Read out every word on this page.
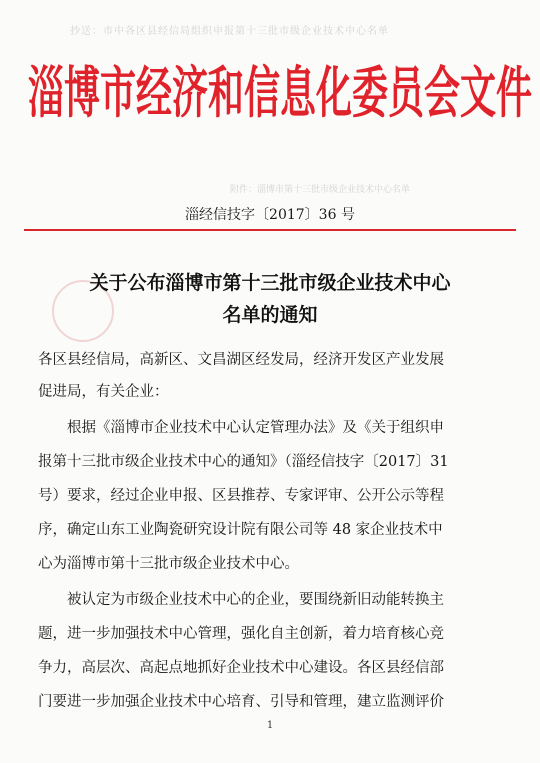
抄送：市中各区县经信局组织申报第十三批市级企业技术中心名单
淄博市经济和信息化委员会文件
附件：淄博市第十三批市级企业技术中心名单
淄经信技字〔2017〕36 号
关于公布淄博市第十三批市级企业技术中心
名单的通知
各区县经信局，高新区、文昌湖区经发局，经济开发区产业发展
促进局，有关企业：
　　根据《淄博市企业技术中心认定管理办法》及《关于组织申
报第十三批市级企业技术中心的通知》（淄经信技字〔2017〕31
号）要求，经过企业申报、区县推荐、专家评审、公开公示等程
序，确定山东工业陶瓷研究设计院有限公司等 48 家企业技术中
心为淄博市第十三批市级企业技术中心。
　　被认定为市级企业技术中心的企业，要围绕新旧动能转换主
题，进一步加强技术中心管理，强化自主创新，着力培育核心竞
争力，高层次、高起点地抓好企业技术中心建设。各区县经信部
门要进一步加强企业技术中心培育、引导和管理，建立监测评价
1
